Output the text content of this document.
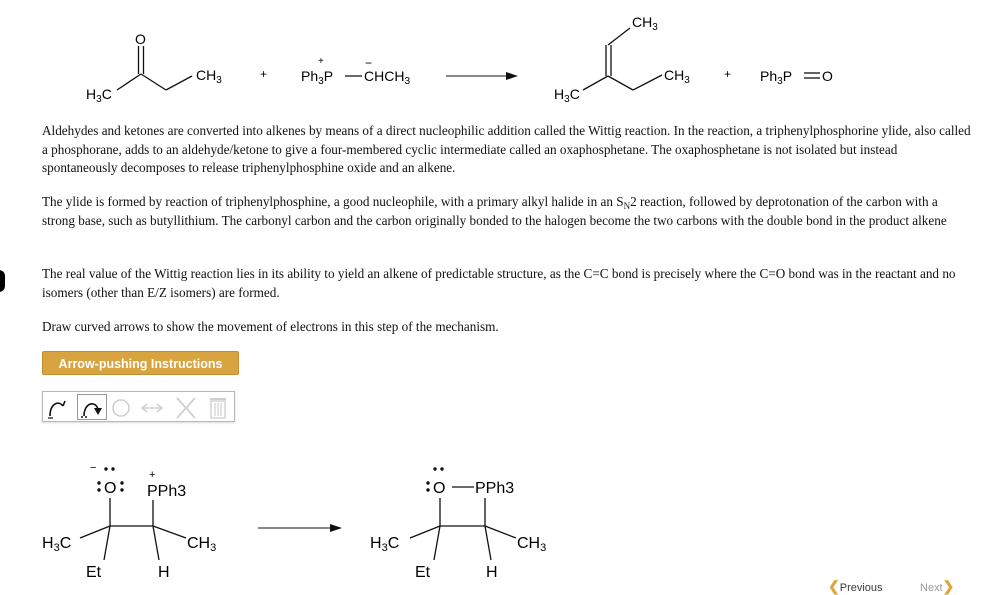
O
$H_3C$
$CH_3$	+
+
$Ph_3P$
−
$CHCH_3$
$CH_3$
$H_3C$
$CH_3$	+ $Ph_3P$ O
Aldehydes and ketones are converted into alkenes by means of a direct nucleophilic addition called the Wittig reaction. In the reaction, a triphenylphosphorine ylide, also called a phosphorane, adds to an aldehyde/ketone to give a four-membered cyclic intermediate called an oxaphosphetane. The oxaphosphetane is not isolated but instead spontaneously decomposes to release triphenylphosphine oxide and an alkene.
The ylide is formed by reaction of triphenylphosphine, a good nucleophile, with a primary alkyl halide in an $S_N2$ reaction, followed by deprotonation of the carbon with a strong base, such as butyllithium. The carbonyl carbon and the carbon originally bonded to the halogen become the two carbons with the double bond in the product alkene
The real value of the Wittig reaction lies in its ability to yield an alkene of predictable structure, as the C=C bond is precisely where the C=O bond was in the reactant and no isomers (other than E/Z isomers) are formed.
Draw curved arrows to show the movement of electrons in this step of the mechanism.
Arrow-pushing Instructions
−
O
+
PPh3
H3C	CH3
Et	H
O PPh3
H3C	CH3
Et	H
❮Previous	Next❯
